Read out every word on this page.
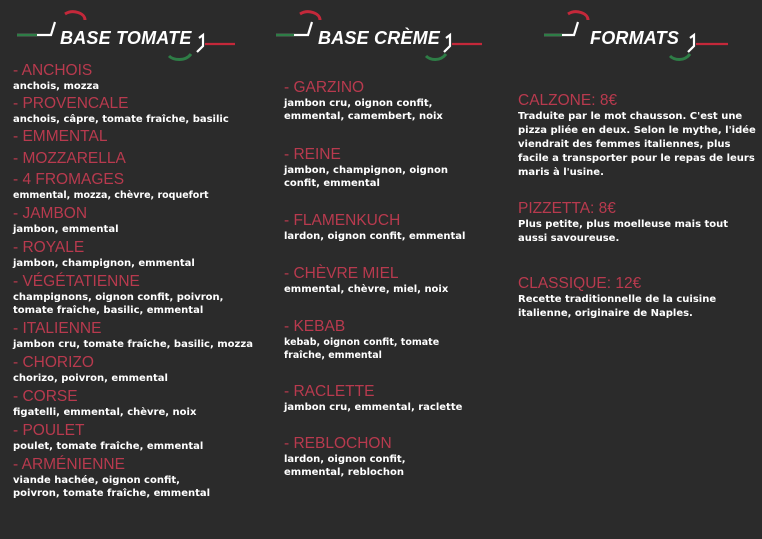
BASE TOMATE
- ANCHOIS
anchois, mozza
- PROVENCALE
anchois, câpre, tomate fraîche, basilic
- EMMENTAL
- MOZZARELLA
- 4 FROMAGES
emmental, mozza, chèvre, roquefort
- JAMBON
jambon, emmental
- ROYALE
jambon, champignon, emmental
- VÉGÉTATIENNE
champignons, oignon confit, poivron, tomate fraîche, basilic, emmental
- ITALIENNE
jambon cru, tomate fraîche, basilic, mozza
- CHORIZO
chorizo, poivron, emmental
- CORSE
figatelli, emmental, chèvre, noix
- POULET
poulet, tomate fraîche, emmental
- ARMÉNIENNE
viande hachée, oignon confit, poivron, tomate fraîche, emmental
BASE CRÈME
- GARZINO
jambon cru, oignon confit, emmental, camembert, noix
- REINE
jambon, champignon, oignon confit, emmental
- FLAMENKUCH
lardon, oignon confit, emmental
- CHÈVRE MIEL
emmental, chèvre, miel, noix
- KEBAB
kebab, oignon confit, tomate fraîche, emmental
- RACLETTE
jambon cru, emmental, raclette
- REBLOCHON
lardon, oignon confit, emmental, reblochon
FORMATS
CALZONE: 8€
Traduite par le mot chausson. C'est une pizza pliée en deux. Selon le mythe, l'idée viendrait des femmes italiennes, plus facile a transporter pour le repas de leurs maris à l'usine.
PIZZETTA: 8€
Plus petite, plus moelleuse mais tout aussi savoureuse.
CLASSIQUE: 12€
Recette traditionnelle de la cuisine italienne, originaire de Naples.
